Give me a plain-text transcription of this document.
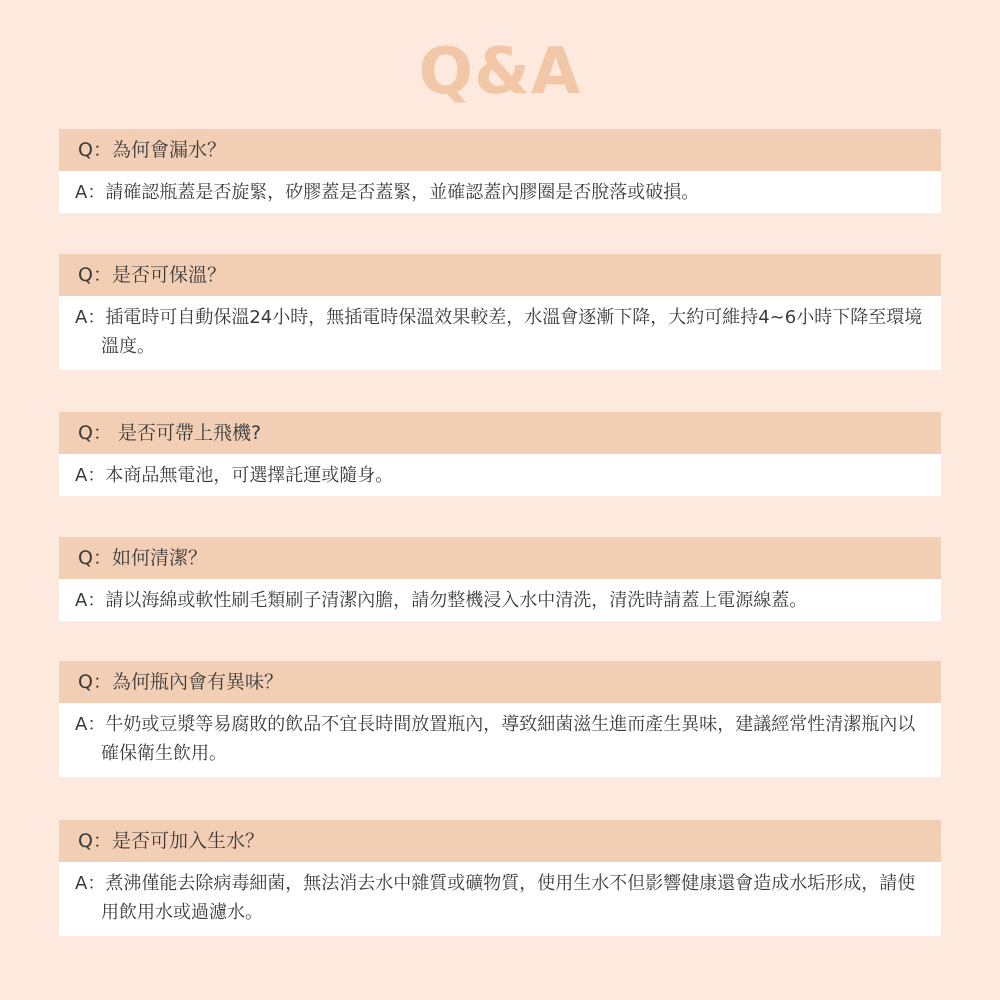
Q&A
Q：為何會漏水？
A：請確認瓶蓋是否旋緊，矽膠蓋是否蓋緊，並確認蓋內膠圈是否脫落或破損。
Q：是否可保溫？
A：插電時可自動保溫24小時，無插電時保溫效果較差，水溫會逐漸下降，大約可維持4~6小時下降至環境溫度。
Q： 是否可帶上飛機?
A：本商品無電池，可選擇託運或隨身。
Q：如何清潔？
A：請以海綿或軟性刷毛類刷子清潔內膽，請勿整機浸入水中清洗，清洗時請蓋上電源線蓋。
Q：為何瓶內會有異味？
A：牛奶或豆漿等易腐敗的飲品不宜長時間放置瓶內，導致細菌滋生進而產生異味，建議經常性清潔瓶內以確保衛生飲用。
Q：是否可加入生水？
A：煮沸僅能去除病毒細菌，無法消去水中雜質或礦物質，使用生水不但影響健康還會造成水垢形成，請使用飲用水或過濾水。
